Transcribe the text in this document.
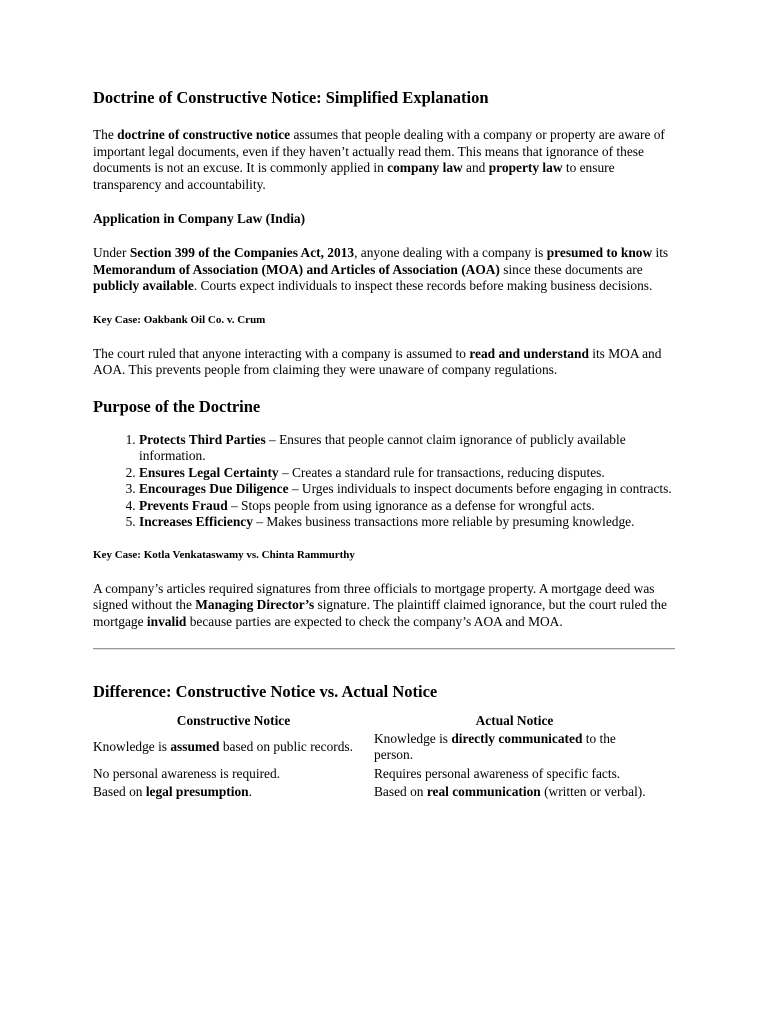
Doctrine of Constructive Notice: Simplified Explanation

The doctrine of constructive notice assumes that people dealing with a company or property are aware of important legal documents, even if they haven’t actually read them. This means that ignorance of these documents is not an excuse. It is commonly applied in company law and property law to ensure transparency and accountability.

Application in Company Law (India)

Under Section 399 of the Companies Act, 2013, anyone dealing with a company is presumed to know its Memorandum of Association (MOA) and Articles of Association (AOA) since these documents are publicly available. Courts expect individuals to inspect these records before making business decisions.

Key Case: Oakbank Oil Co. v. Crum

The court ruled that anyone interacting with a company is assumed to read and understand its MOA and AOA. This prevents people from claiming they were unaware of company regulations.

Purpose of the Doctrine
1. Protects Third Parties – Ensures that people cannot claim ignorance of publicly available information.
2. Ensures Legal Certainty – Creates a standard rule for transactions, reducing disputes.
3. Encourages Due Diligence – Urges individuals to inspect documents before engaging in contracts.
4. Prevents Fraud – Stops people from using ignorance as a defense for wrongful acts.
5. Increases Efficiency – Makes business transactions more reliable by presuming knowledge.
Key Case: Kotla Venkataswamy vs. Chinta Rammurthy

A company’s articles required signatures from three officials to mortgage property. A mortgage deed was signed without the Managing Director’s signature. The plaintiff claimed ignorance, but the court ruled the mortgage invalid because parties are expected to check the company’s AOA and MOA.

Difference: Constructive Notice vs. Actual Notice
Constructive Notice	Actual Notice
Knowledge is assumed based on public records.	Knowledge is directly communicated to the person.
No personal awareness is required.	Requires personal awareness of specific facts.
Based on legal presumption.	Based on real communication (written or verbal).
